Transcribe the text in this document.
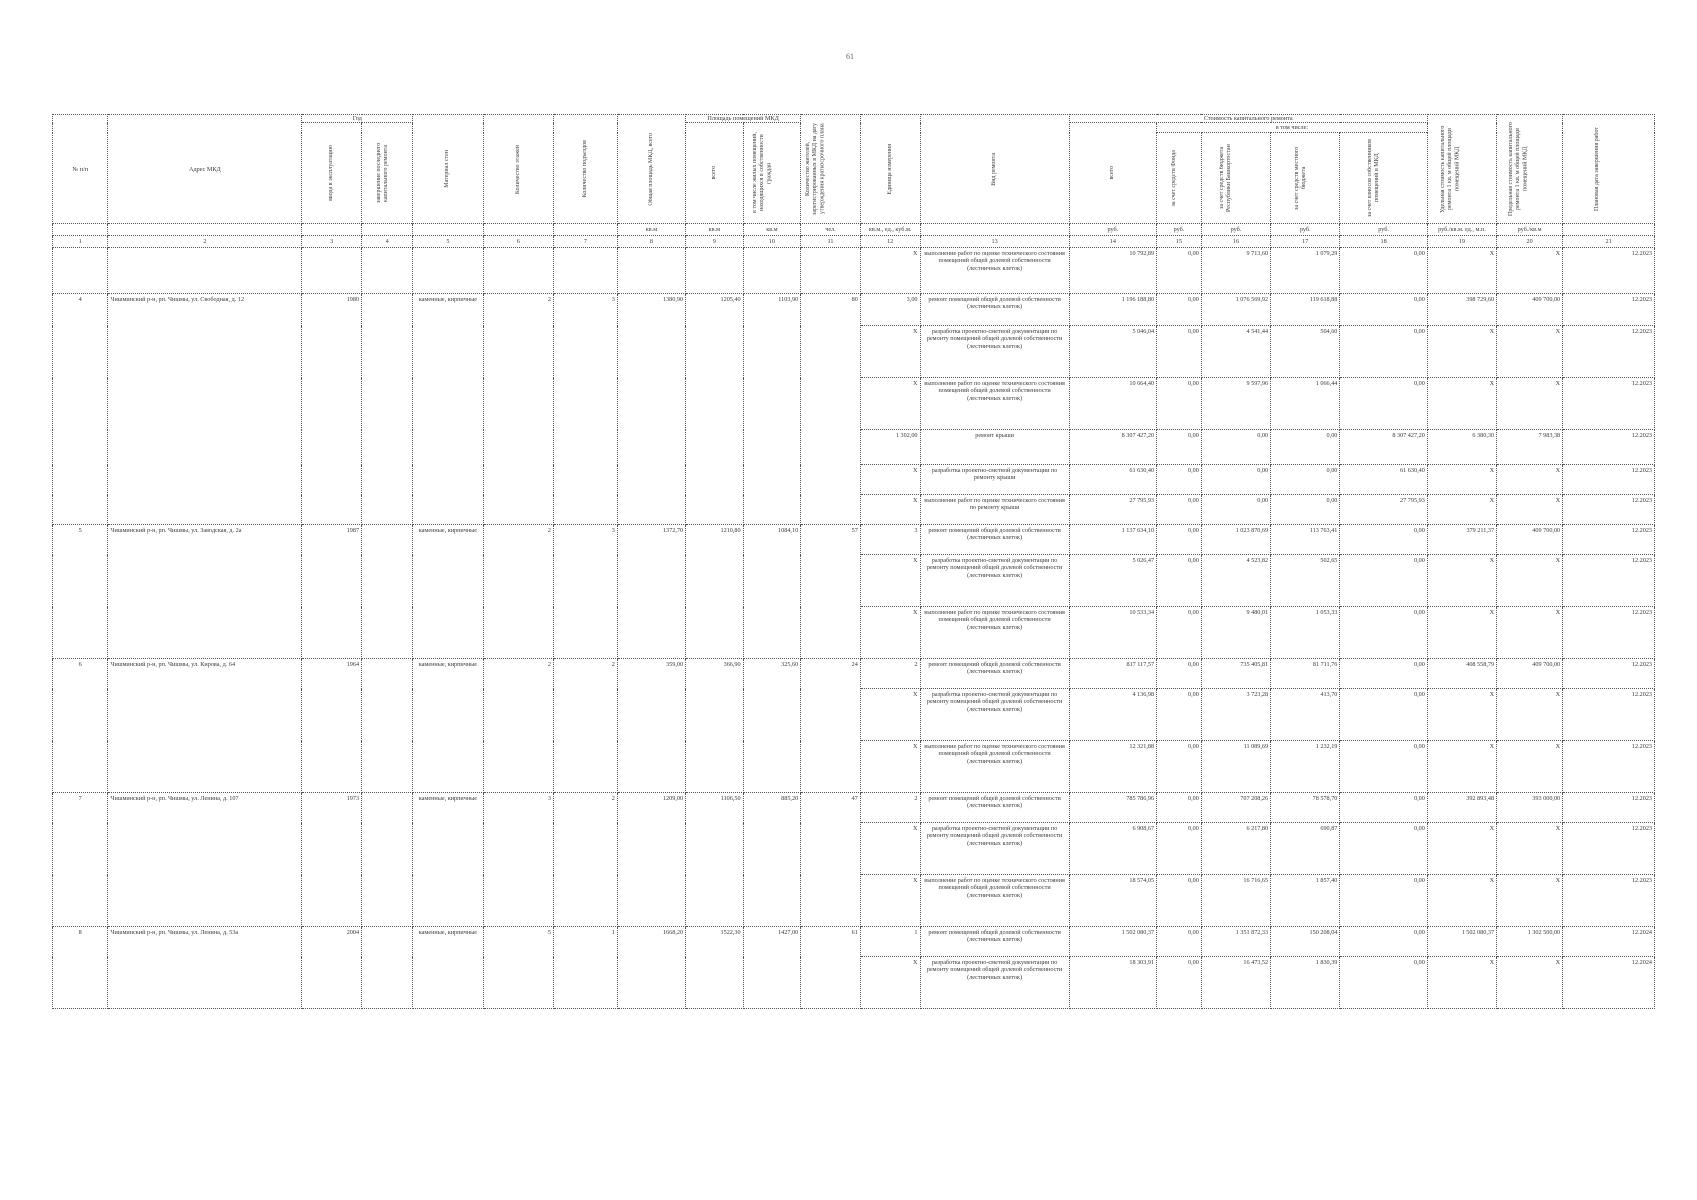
61
№ п/п	Адрес МКД	Год		Материал стен	Количество этажей	Количество подъездов	Общая площадь МКД, всего	Площадь помещений МКД		Количество жителей, зарегистрированных в МКД на дату утверждения краткосрочного плана	Единица измерения	Вид ремонта	Стоимость капитального ремонта					Удельная стоимость капитального ремонта 1 кв. м общей площади помещений МКД	Предельная стоимость капитального ремонта 1 кв. м общей площади помещений МКД	Плановая дата завершения работ

		ввода в эксплуатацию	завершение последнего капитального ремонта					всего	в том числе жилых помещений, находящихся в собственности граждан				всего	в том числе:						

														за счет средств Фонда	за счет средств бюджета Республики Башкортостан	за счет средств местного бюджета	за счет взносов собственников помещений в МКД			

							кв.м	кв.м	кв.м	чел.	кв.м., ед., куб.м.		руб.	руб.	руб.	руб.	руб.	руб./кв.м. ед., м.п.	руб./кв.м	
1	2	3	4	5	6	7	8	9	10	11	12	13	14	15	16	17	18	19	20	21
											X	выполнение работ по оценке технического состояния помещений общей долевой собственности (лестничных клеток)	10 792,89	0,00	9 713,60	1 079,29	0,00	X	X	12.2023
4	Чишминский р-н, рп. Чишмы, ул. Свободная, д. 12	1980		каменные, кирпичные	2	3	1380,90	1205,40	1103,90	80	3,00	ремонт помещений общей долевой собственности (лестничных клеток)	1 196 188,80	0,00	1 076 569,92	119 618,88	0,00	398 729,60	409 700,00	12.2023
											X	разработка проектно-сметной документации по ремонту помещений общей долевой собственности (лестничных клеток)	5 046,04	0,00	4 541,44	504,60	0,00	X	X	12.2023
											X	выполнение работ по оценке технического состояния помещений общей долевой собственности (лестничных клеток)	10 664,40	0,00	9 597,96	1 066,44	0,00	X	X	12.2023
											1 302,00	ремонт крыши	8 307 427,20	0,00	0,00	0,00	8 307 427,20	6 380,30	7 983,38	12.2023
											X	разработка проектно-сметной документации по ремонту крыши	61 630,40	0,00	0,00	0,00	61 630,40	X	X	12.2023
											X	выполнение работ по оценке технического состояния по ремонту крыши	27 795,93	0,00	0,00	0,00	27 795,93	X	X	12.2023
5	Чишминский р-н, рп. Чишмы, ул. Заводская, д. 2а	1987		каменные, кирпичные	2	3	1372,70	1210,80	1084,10	57	3	ремонт помещений общей долевой собственности (лестничных клеток)	1 137 634,10	0,00	1 023 870,69	113 763,41	0,00	379 211,37	409 700,00	12.2023
											X	разработка проектно-сметной документации по ремонту помещений общей долевой собственности (лестничных клеток)	5 026,47	0,00	4 523,82	502,65	0,00	X	X	12.2023
											X	выполнение работ по оценке технического состояния помещений общей долевой собственности (лестничных клеток)	10 533,34	0,00	9 480,01	1 053,33	0,00	X	X	12.2023
6	Чишминский р-н, рп. Чишмы, ул. Кирова, д. 64	1964		каменные, кирпичные	2	2	359,00	366,90	325,60	24	2	ремонт помещений общей долевой собственности (лестничных клеток)	817 117,57	0,00	735 405,81	81 711,76	0,00	408 558,79	409 700,00	12.2023
											X	разработка проектно-сметной документации по ремонту помещений общей долевой собственности (лестничных клеток)	4 136,98	0,00	3 723,28	413,70	0,00	X	X	12.2023
											X	выполнение работ по оценке технического состояния помещений общей долевой собственности (лестничных клеток)	12 321,88	0,00	11 089,69	1 232,19	0,00	X	X	12.2023
7	Чишминский р-н, рп. Чишмы, ул. Ленина, д. 107	1973		каменные, кирпичные	3	2	1209,00	1106,50	885,20	47	2	ремонт помещений общей долевой собственности (лестничных клеток)	785 786,96	0,00	707 208,26	78 578,70	0,00	392 893,48	393 000,00	12.2023
											X	разработка проектно-сметной документации по ремонту помещений общей долевой собственности (лестничных клеток)	6 908,67	0,00	6 217,80	690,87	0,00	X	X	12.2023
											X	выполнение работ по оценке технического состояния помещений общей долевой собственности (лестничных клеток)	18 574,05	0,00	16 716,65	1 857,40	0,00	X	X	12.2023
8	Чишминский р-н, рп. Чишмы, ул. Ленина, д. 53а	2004		каменные, кирпичные	5	1	1668,20	1522,30	1427,00	61	1	ремонт помещений общей долевой собственности (лестничных клеток)	1 502 080,37	0,00	1 351 872,33	150 208,04	0,00	1 502 080,37	1 302 500,00	12.2024
											X	разработка проектно-сметной документации по ремонту помещений общей долевой собственности (лестничных клеток)	18 303,91	0,00	16 473,52	1 830,39	0,00	X	X	12.2024
